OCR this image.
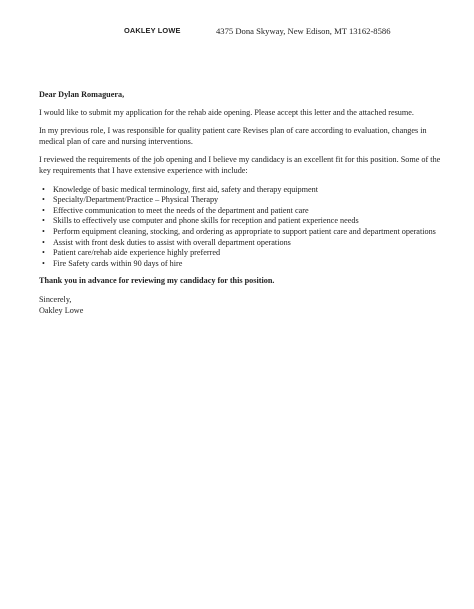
OAKLEY LOWE	4375 Dona Skyway, New Edison, MT 13162-8586

Dear Dylan Romaguera,

I would like to submit my application for the rehab aide opening. Please accept this letter and the attached resume.

In my previous role, I was responsible for quality patient care Revises plan of care according to evaluation, changes in medical plan of care and nursing interventions.

I reviewed the requirements of the job opening and I believe my candidacy is an excellent fit for this position. Some of the key requirements that I have extensive experience with include:

• Knowledge of basic medical terminology, first aid, safety and therapy equipment
• Specialty/Department/Practice – Physical Therapy
• Effective communication to meet the needs of the department and patient care
• Skills to effectively use computer and phone skills for reception and patient experience needs
• Perform equipment cleaning, stocking, and ordering as appropriate to support patient care and department operations
• Assist with front desk duties to assist with overall department operations
• Patient care/rehab aide experience highly preferred
• Fire Safety cards within 90 days of hire

Thank you in advance for reviewing my candidacy for this position.

Sincerely,

Oakley Lowe
